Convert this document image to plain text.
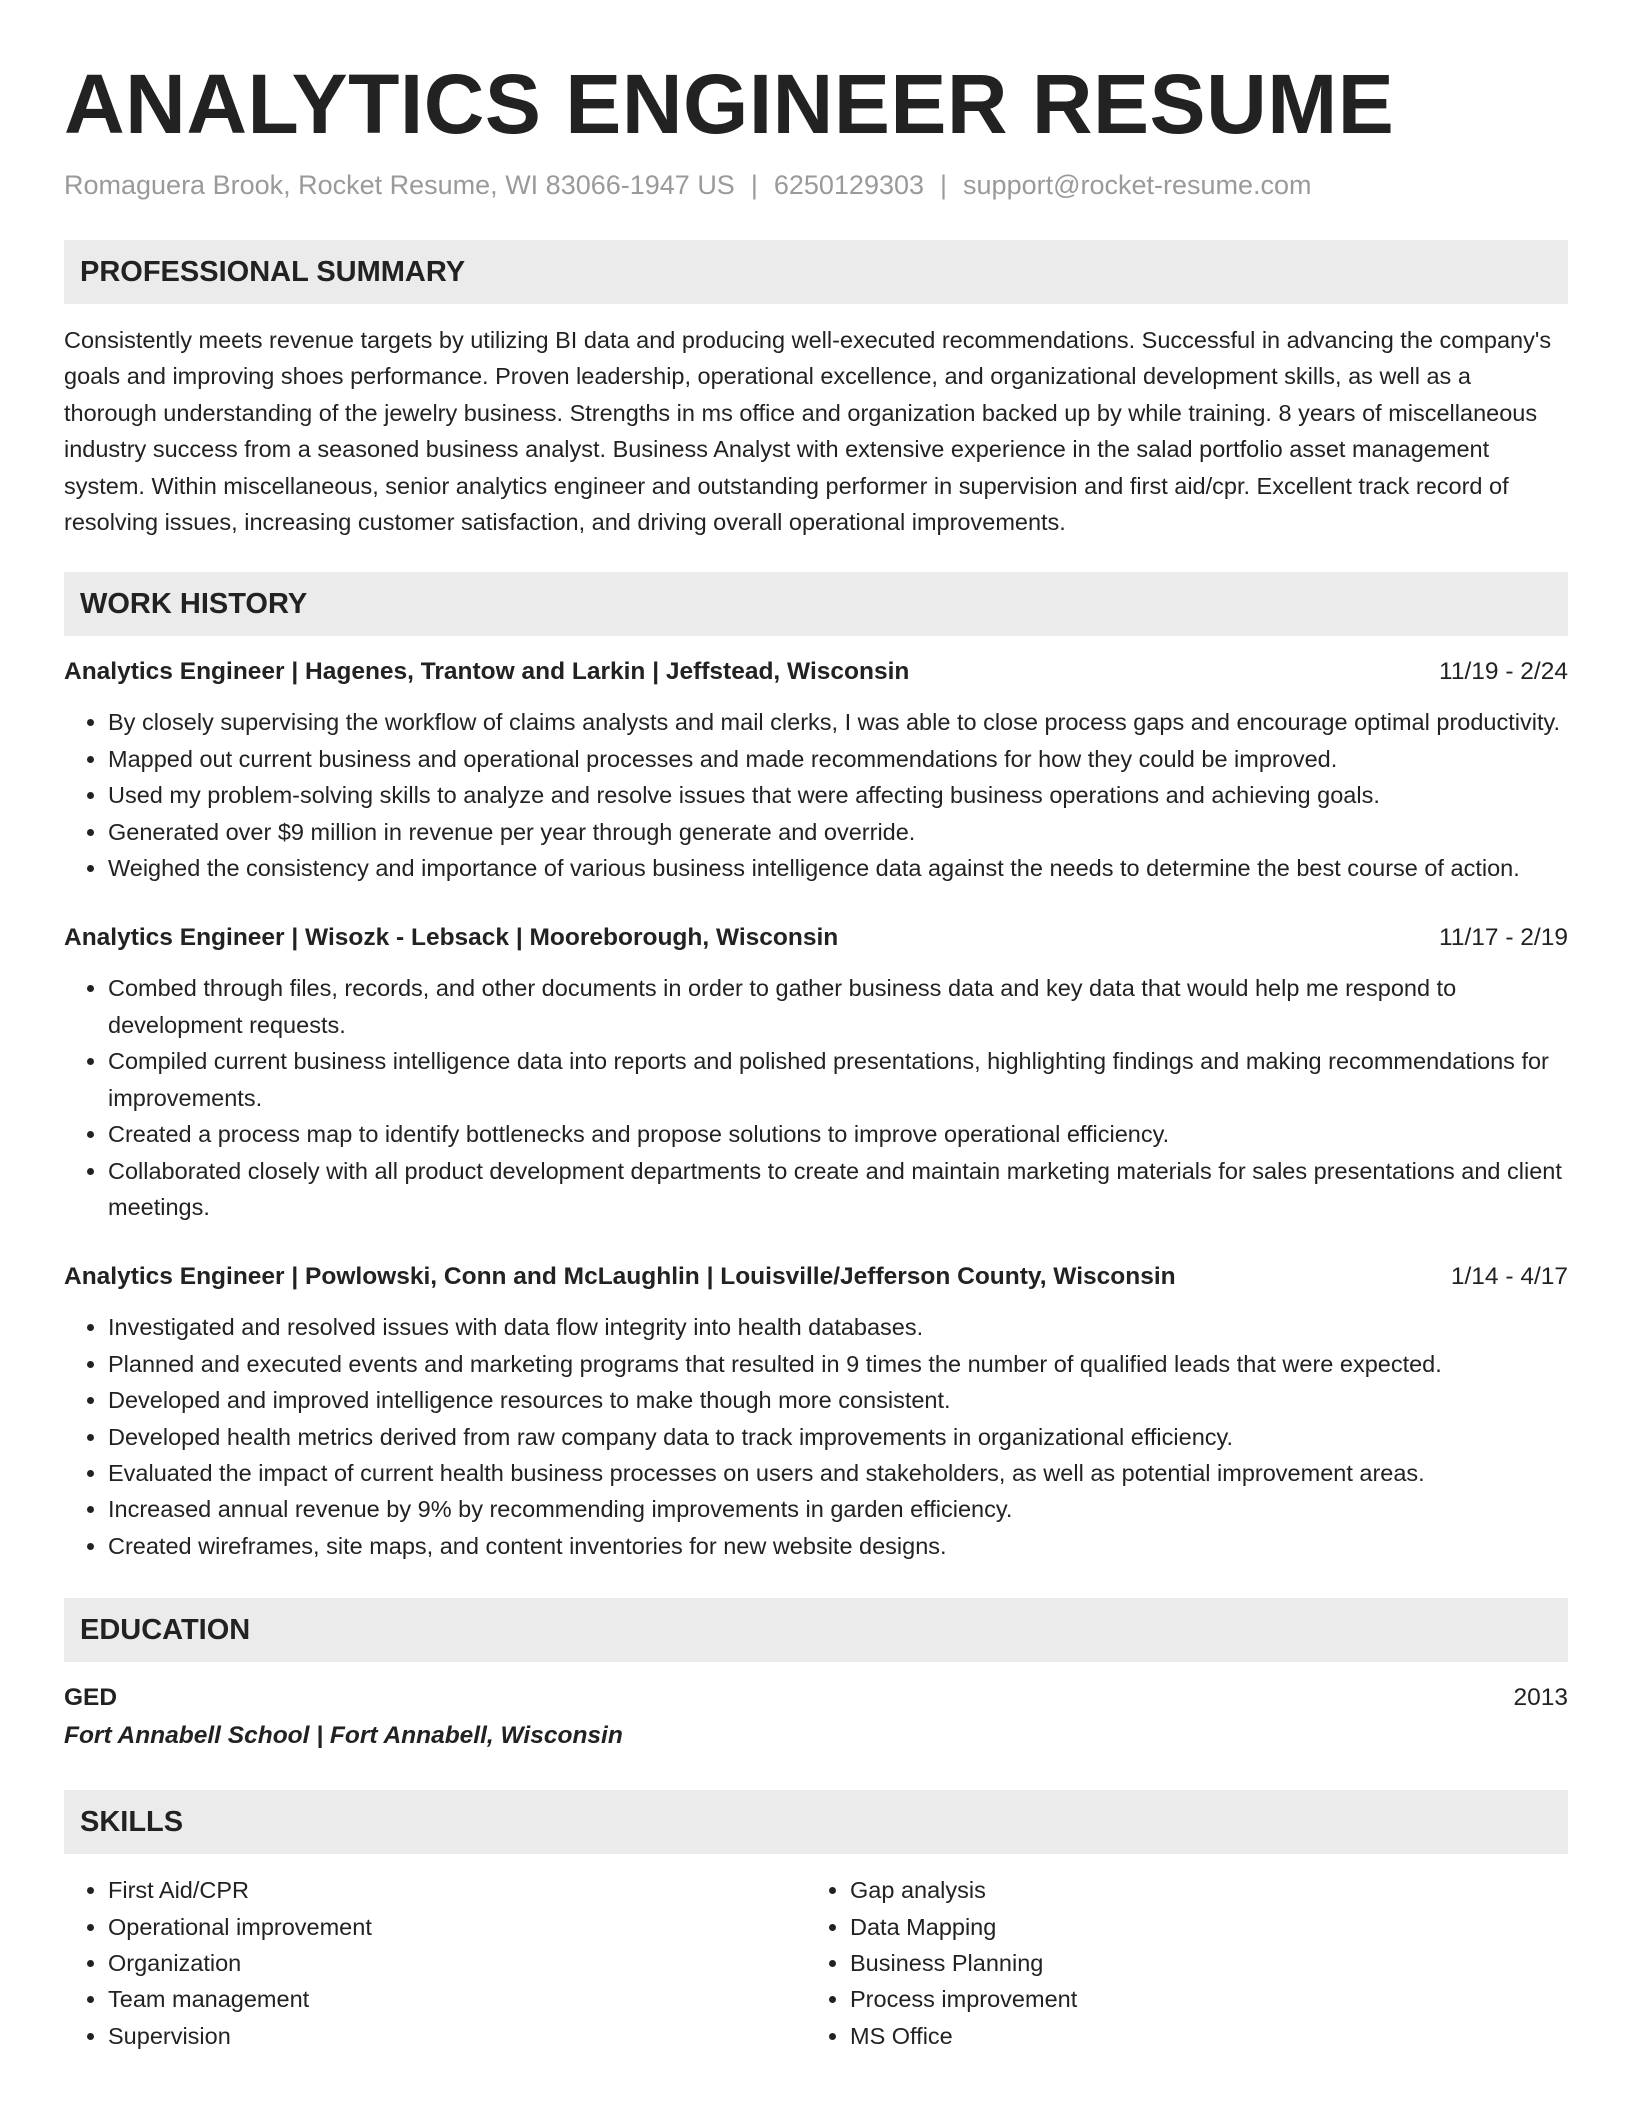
ANALYTICS ENGINEER RESUME
Romaguera Brook, Rocket Resume, WI 83066-1947 US | 6250129303 | support@rocket-resume.com
PROFESSIONAL SUMMARY

Consistently meets revenue targets by utilizing BI data and producing well-executed recommendations. Successful in advancing the company's goals and improving shoes performance. Proven leadership, operational excellence, and organizational development skills, as well as a thorough understanding of the jewelry business. Strengths in ms office and organization backed up by while training. 8 years of miscellaneous industry success from a seasoned business analyst. Business Analyst with extensive experience in the salad portfolio asset management system. Within miscellaneous, senior analytics engineer and outstanding performer in supervision and first aid/cpr. Excellent track record of resolving issues, increasing customer satisfaction, and driving overall operational improvements.

WORK HISTORY
Analytics Engineer | Hagenes, Trantow and Larkin | Jeffstead, Wisconsin	11/19 - 2/24
• By closely supervising the workflow of claims analysts and mail clerks, I was able to close process gaps and encourage optimal productivity.
• Mapped out current business and operational processes and made recommendations for how they could be improved.
• Used my problem-solving skills to analyze and resolve issues that were affecting business operations and achieving goals.
• Generated over $9 million in revenue per year through generate and override.
• Weighed the consistency and importance of various business intelligence data against the needs to determine the best course of action.
Analytics Engineer | Wisozk - Lebsack | Mooreborough, Wisconsin	11/17 - 2/19
• Combed through files, records, and other documents in order to gather business data and key data that would help me respond to development requests.
• Compiled current business intelligence data into reports and polished presentations, highlighting findings and making recommendations for improvements.
• Created a process map to identify bottlenecks and propose solutions to improve operational efficiency.
• Collaborated closely with all product development departments to create and maintain marketing materials for sales presentations and client meetings.
Analytics Engineer | Powlowski, Conn and McLaughlin | Louisville/Jefferson County, Wisconsin	1/14 - 4/17
• Investigated and resolved issues with data flow integrity into health databases.
• Planned and executed events and marketing programs that resulted in 9 times the number of qualified leads that were expected.
• Developed and improved intelligence resources to make though more consistent.
• Developed health metrics derived from raw company data to track improvements in organizational efficiency.
• Evaluated the impact of current health business processes on users and stakeholders, as well as potential improvement areas.
• Increased annual revenue by 9% by recommending improvements in garden efficiency.
• Created wireframes, site maps, and content inventories for new website designs.
EDUCATION
GED	2013
Fort Annabell School | Fort Annabell, Wisconsin
SKILLS
• First Aid/CPR
• Operational improvement
• Organization
• Team management
• Supervision
• Gap analysis
• Data Mapping
• Business Planning
• Process improvement
• MS Office
